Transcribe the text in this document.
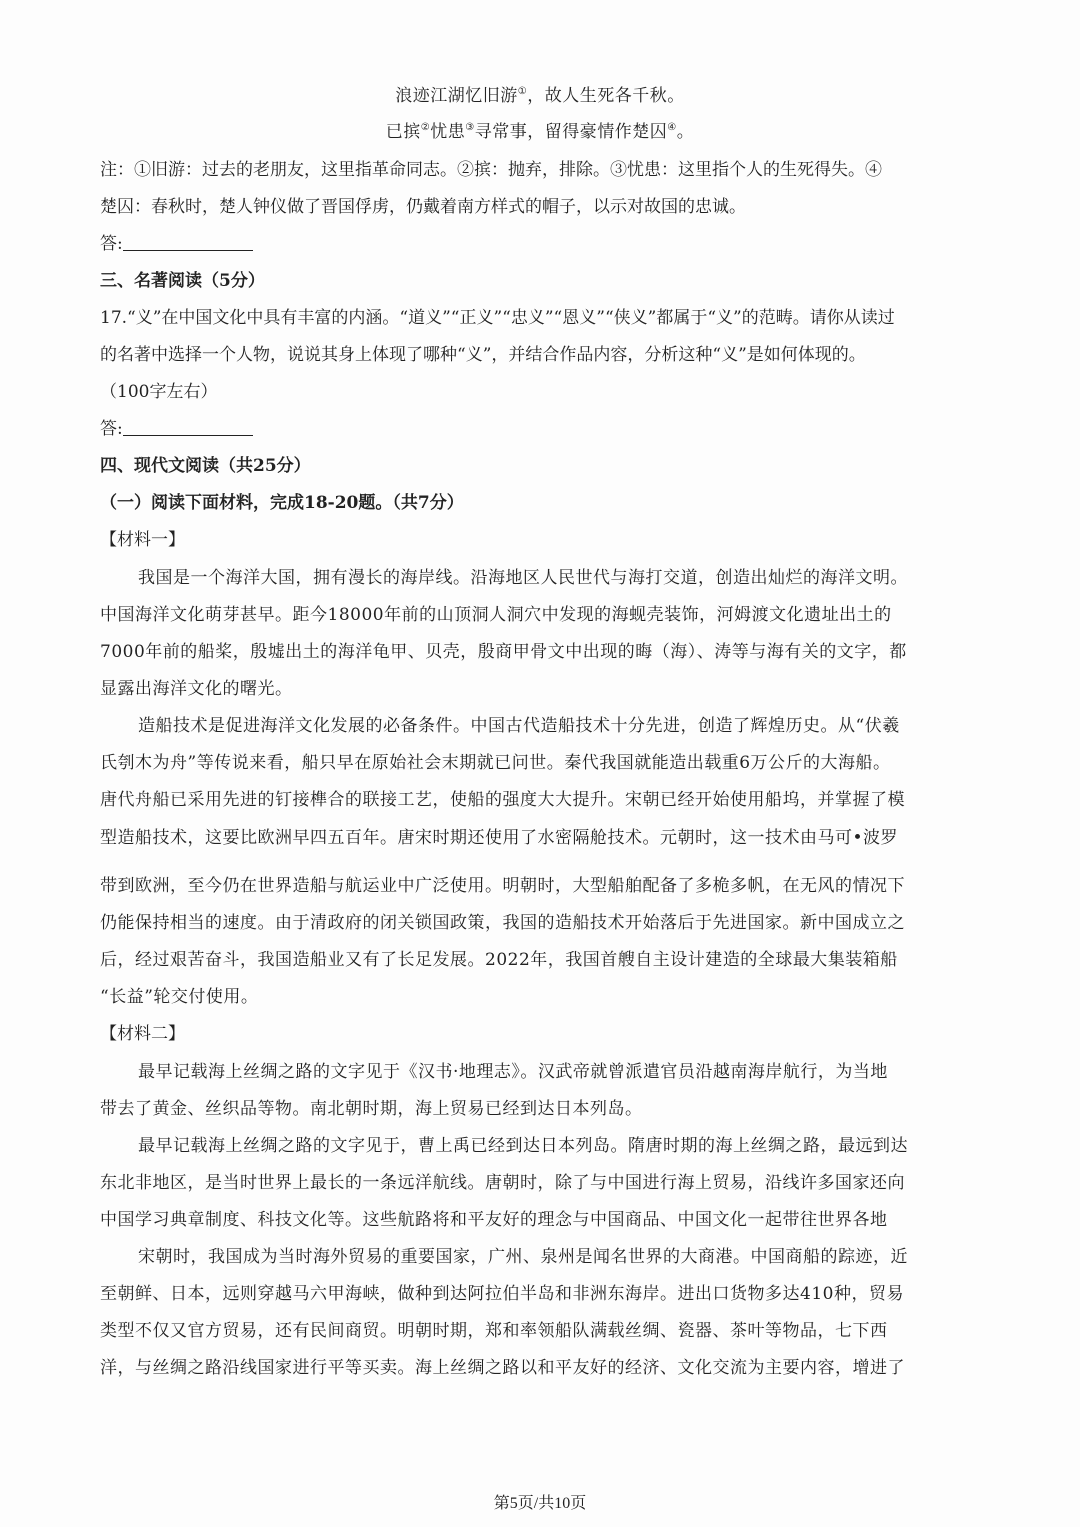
浪迹江湖忆旧游①，故人生死各千秋。
已摈②忧患③寻常事，留得豪情作楚囚④。
注：①旧游：过去的老朋友，这里指革命同志。②摈：抛弃，排除。③忧患：这里指个人的生死得失。④
楚囚：春秋时，楚人钟仪做了晋国俘虏，仍戴着南方样式的帽子，以示对故国的忠诚。
答:
三、名著阅读（5分）
17.“义”在中国文化中具有丰富的内涵。“道义”“正义”“忠义”“恩义”“侠义”都属于“义”的范畴。请你从读过
的名著中选择一个人物，说说其身上体现了哪种“义”，并结合作品内容，分析这种“义”是如何体现的。
（100字左右）
答:
四、现代文阅读（共25分）
（一）阅读下面材料，完成18-20题。（共7分）
【材料一】
我国是一个海洋大国，拥有漫长的海岸线。沿海地区人民世代与海打交道，创造出灿烂的海洋文明。
中国海洋文化萌芽甚早。距今18000年前的山顶洞人洞穴中发现的海蚬壳装饰，河姆渡文化遗址出土的
7000年前的船桨，殷墟出土的海洋龟甲、贝壳，殷商甲骨文中出现的晦（海）、涛等与海有关的文字，都
显露出海洋文化的曙光。
造船技术是促进海洋文化发展的必备条件。中国古代造船技术十分先进，创造了辉煌历史。从“伏羲
氏刳木为舟”等传说来看，船只早在原始社会末期就已问世。秦代我国就能造出载重6万公斤的大海船。
唐代舟船已采用先进的钉接榫合的联接工艺，使船的强度大大提升。宋朝已经开始使用船坞，并掌握了模
型造船技术，这要比欧洲早四五百年。唐宋时期还使用了水密隔舱技术。元朝时，这一技术由马可•波罗
带到欧洲，至今仍在世界造船与航运业中广泛使用。明朝时，大型船舶配备了多桅多帆，在无风的情况下
仍能保持相当的速度。由于清政府的闭关锁国政策，我国的造船技术开始落后于先进国家。新中国成立之
后，经过艰苦奋斗，我国造船业又有了长足发展。2022年，我国首艘自主设计建造的全球最大集装箱船
“长益”轮交付使用。
【材料二】
最早记载海上丝绸之路的文字见于《汉书·地理志》。汉武帝就曾派遣官员沿越南海岸航行，为当地
带去了黄金、丝织品等物。南北朝时期，海上贸易已经到达日本列岛。
最早记载海上丝绸之路的文字见于，曹上禹已经到达日本列岛。隋唐时期的海上丝绸之路，最远到达
东北非地区，是当时世界上最长的一条远洋航线。唐朝时，除了与中国进行海上贸易，沿线许多国家还向
中国学习典章制度、科技文化等。这些航路将和平友好的理念与中国商品、中国文化一起带往世界各地
宋朝时，我国成为当时海外贸易的重要国家，广州、泉州是闻名世界的大商港。中国商船的踪迹，近
至朝鲜、日本，远则穿越马六甲海峡，做种到达阿拉伯半岛和非洲东海岸。进出口货物多达410种，贸易
类型不仅又官方贸易，还有民间商贸。明朝时期，郑和率领船队满载丝绸、瓷器、茶叶等物品，七下西
洋，与丝绸之路沿线国家进行平等买卖。海上丝绸之路以和平友好的经济、文化交流为主要内容，增进了
第5页/共10页
